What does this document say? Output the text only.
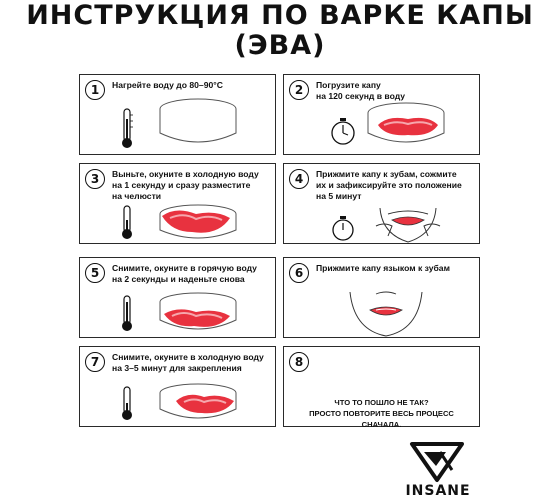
ИНСТРУКЦИЯ ПО ВАРКЕ КАПЫ
(ЭВА)
1	Нагрейте воду до 80–90°С	2	Погрузите капу
на 120 секунд в воду
3	Выньте, окуните в холодную воду
на 1 секунду и сразу разместите
на челюсти
4	Прижмите капу к зубам, сожмите
их и зафиксируйте это положение
на 5 минут
5	Снимите, окуните в горячую воду
на 2 секунды и наденьте снова	6	Прижмите капу языком к зубам
7	Снимите, окуните в холодную воду
на 3–5 минут для закрепления	8
ЧТО ТО ПОШЛО НЕ ТАК?
ПРОСТО ПОВТОРИТЕ ВЕСЬ ПРОЦЕСС СНАЧАЛА.
INSANE
